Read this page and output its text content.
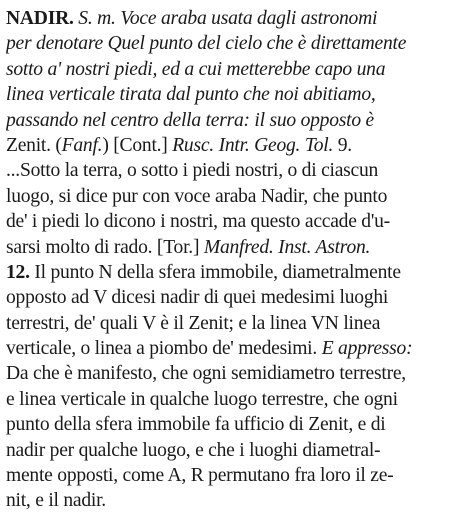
NADIR. S. m. Voce araba usata dagli astronomi
per denotare Quel punto del cielo che è direttamente
sotto a' nostri piedi, ed a cui metterebbe capo una
linea verticale tirata dal punto che noi abitiamo,
passando nel centro della terra: il suo opposto è
Zenit. (Fanf.) [Cont.] Rusc. Intr. Geog. Tol. 9.
...Sotto la terra, o sotto i piedi nostri, o di ciascun
luogo, si dice pur con voce araba Nadir, che punto
de' i piedi lo dicono i nostri, ma questo accade d'u-
sarsi molto di rado. [Tor.] Manfred. Inst. Astron.
12. Il punto N della sfera immobile, diametralmente
opposto ad V dicesi nadir di quei medesimi luoghi
terrestri, de' quali V è il Zenit; e la linea VN linea
verticale, o linea a piombo de' medesimi. E appresso:
Da che è manifesto, che ogni semidiametro terrestre,
e linea verticale in qualche luogo terrestre, che ogni
punto della sfera immobile fa ufficio di Zenit, e di
nadir per qualche luogo, e che i luoghi diametral-
mente opposti, come A, R permutano fra loro il ze-
nit, e il nadir.
